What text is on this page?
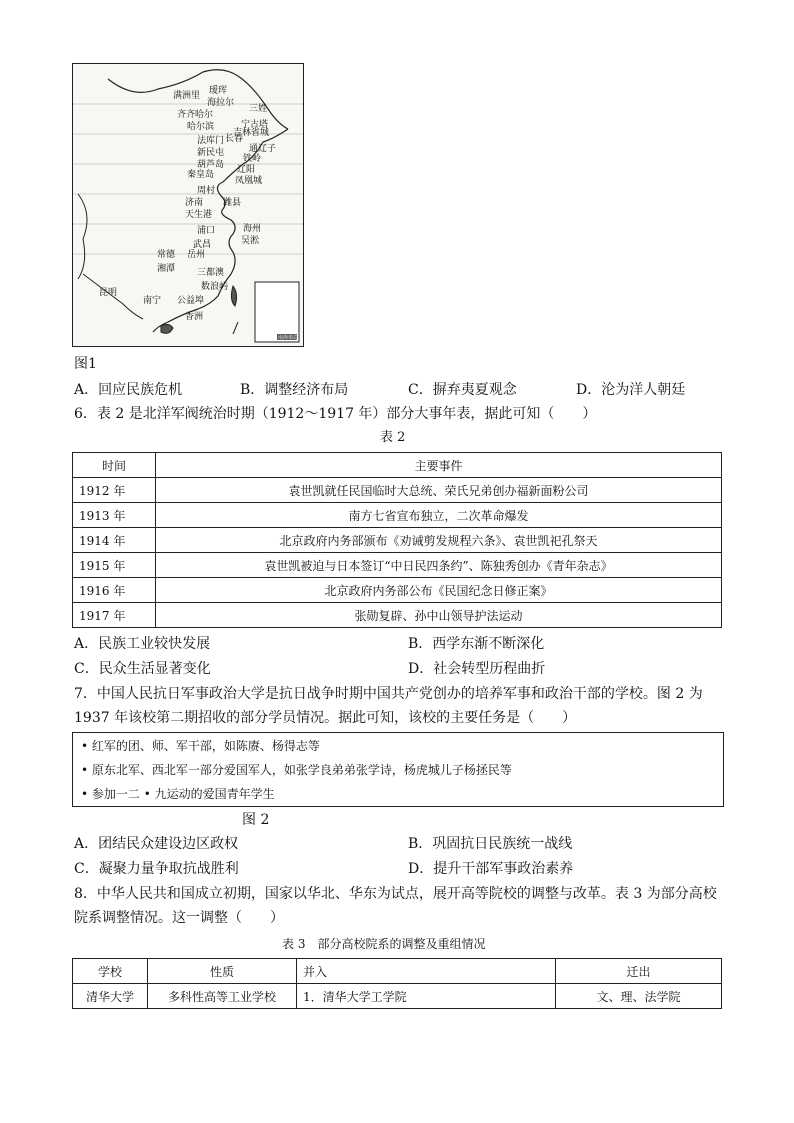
满洲里 瑷珲
海拉尔
三姓
齐齐哈尔
哈尔滨	宁古塔
吉林省城
法库门 长春
新民屯	通辽子
葫芦岛
铁岭
秦皇岛	辽阳
凤凰城
周村
济南 潍县
天生港
浦口	海州
吴淞
常德
武昌
岳州
湘潭 三都澳
数浪屿
昆明
南宁 公益埠
香洲
南海诸岛
图1
A．回应民族危机	B．调整经济布局	C．摒弃夷夏观念	D．沦为洋人朝廷
6．表 2 是北洋军阀统治时期（1912～1917 年）部分大事年表，据此可知（　　）
表 2
时间	主要事件
1912 年	袁世凯就任民国临时大总统、荣氏兄弟创办福新面粉公司
1913 年	南方七省宣布独立，二次革命爆发
1914 年	北京政府内务部颁布《劝诫剪发规程六条》、袁世凯祀孔祭天
1915 年	袁世凯被迫与日本签订“中日民四条约”、陈独秀创办《青年杂志》
1916 年	北京政府内务部公布《民国纪念日修正案》
1917 年	张勋复辟、孙中山领导护法运动
A．民族工业较快发展	B．西学东渐不断深化
C．民众生活显著变化	D．社会转型历程曲折
7．中国人民抗日军事政治大学是抗日战争时期中国共产党创办的培养军事和政治干部的学校。图 2 为
1937 年该校第二期招收的部分学员情况。据此可知，该校的主要任务是（　　）
• 红军的团、师、军干部，如陈赓、杨得志等
• 原东北军、西北军一部分爱国军人，如张学良弟弟张学诗，杨虎城儿子杨拯民等
• 参加一二 • 九运动的爱国青年学生
图 2
A．团结民众建设边区政权	B．巩固抗日民族统一战线
C．凝聚力量争取抗战胜利	D．提升干部军事政治素养
8．中华人民共和国成立初期，国家以华北、华东为试点，展开高等院校的调整与改革。表 3 为部分高校
院系调整情况。这一调整（　　）
表 3　部分高校院系的调整及重组情况
学校	性质	并入	迁出
清华大学	多科性高等工业学校	1．清华大学工学院	文、理、法学院
